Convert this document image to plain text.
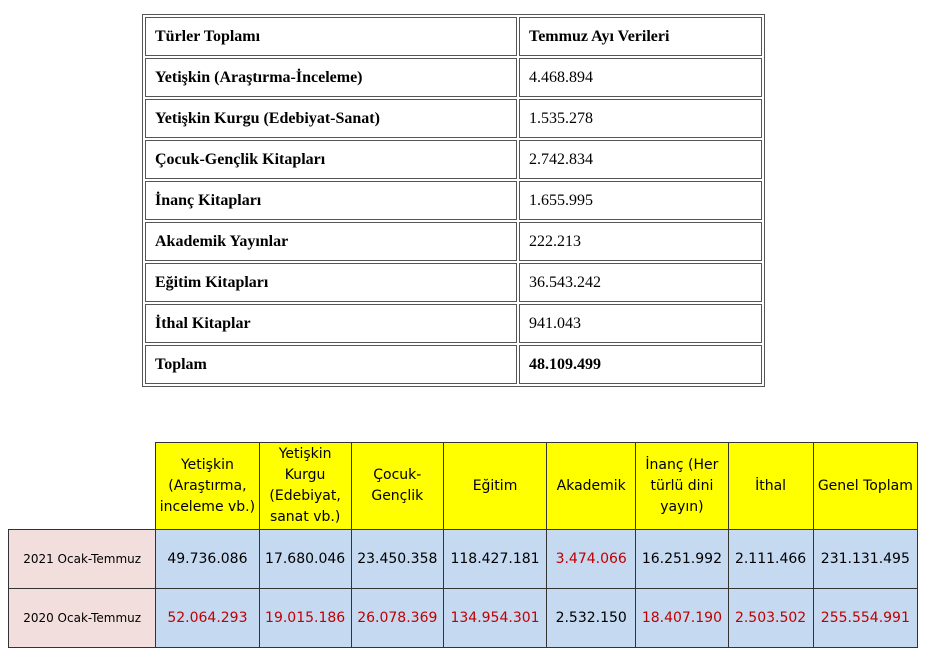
Türler Toplamı	Temmuz Ayı Verileri
Yetişkin (Araştırma-İnceleme)	4.468.894
Yetişkin Kurgu (Edebiyat-Sanat)	1.535.278
Çocuk-Gençlik Kitapları	2.742.834
İnanç Kitapları	1.655.995
Akademik Yayınlar	222.213
Eğitim Kitapları	36.543.242
İthal Kitaplar	941.043
Toplam	48.109.499
	Yetişkin (Araştırma, inceleme vb.)	Yetişkin Kurgu (Edebiyat, sanat vb.)	Çocuk-Gençlik	Eğitim	Akademik	İnanç (Her türlü dini yayın)	İthal	Genel Toplam
2021 Ocak-Temmuz	49.736.086	17.680.046	23.450.358	118.427.181	3.474.066	16.251.992	2.111.466	231.131.495
2020 Ocak-Temmuz	52.064.293	19.015.186	26.078.369	134.954.301	2.532.150	18.407.190	2.503.502	255.554.991
